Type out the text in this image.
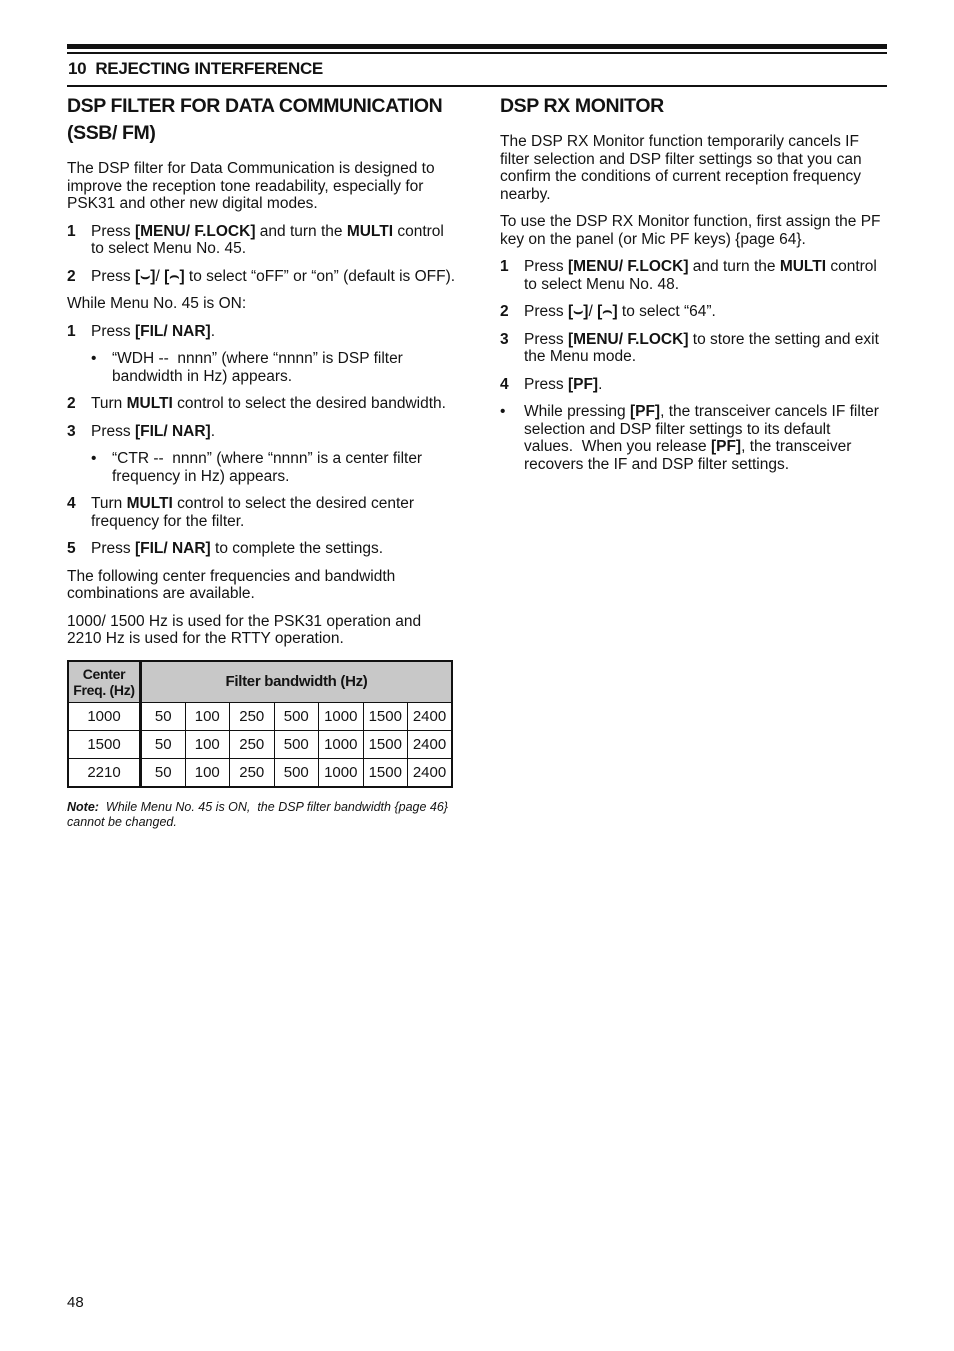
10 REJECTING INTERFERENCE
DSP FILTER FOR DATA COMMUNICATION (SSB/ FM)
The DSP filter for Data Communication is designed to improve the reception tone readability, especially for PSK31 and other new digital modes.
1 Press [MENU/ F.LOCK] and turn the MULTI control to select Menu No. 45.
2 Press [⌣]/ [⌢] to select “oFF” or “on” (default is OFF).
While Menu No. 45 is ON:
1 Press [FIL/ NAR].
•	“WDH --  nnnn” (where “nnnn” is DSP filter bandwidth in Hz) appears.
2 Turn MULTI control to select the desired bandwidth.
3 Press [FIL/ NAR].
•	“CTR --  nnnn” (where “nnnn” is a center filter frequency in Hz) appears.
4 Turn MULTI control to select the desired center frequency for the filter.
5 Press [FIL/ NAR] to complete the settings.
The following center frequencies and bandwidth combinations are available.
1000/ 1500 Hz is used for the PSK31 operation and 2210 Hz is used for the RTTY operation.
Center Freq. (Hz)	Filter bandwidth (Hz)						
1000	50	100	250	500	1000	1500	2400
1500	50	100	250	500	1000	1500	2400
2210	50	100	250	500	1000	1500	2400

Note:  While Menu No. 45 is ON,  the DSP filter bandwidth {page 46} cannot be changed.

DSP RX MONITOR
The DSP RX Monitor function temporarily cancels IF filter selection and DSP filter settings so that you can confirm the conditions of current reception frequency nearby.
To use the DSP RX Monitor function, first assign the PF key on the panel (or Mic PF keys) {page 64}.
1 Press [MENU/ F.LOCK] and turn the MULTI control to select Menu No. 48.
2 Press [⌣]/ [⌢] to select “64”.
3 Press [MENU/ F.LOCK] to store the setting and exit the Menu mode.
4 Press [PF].
•	While pressing [PF], the transceiver cancels IF filter selection and DSP filter settings to its default values.  When you release [PF], the transceiver recovers the IF and DSP filter settings.
48
